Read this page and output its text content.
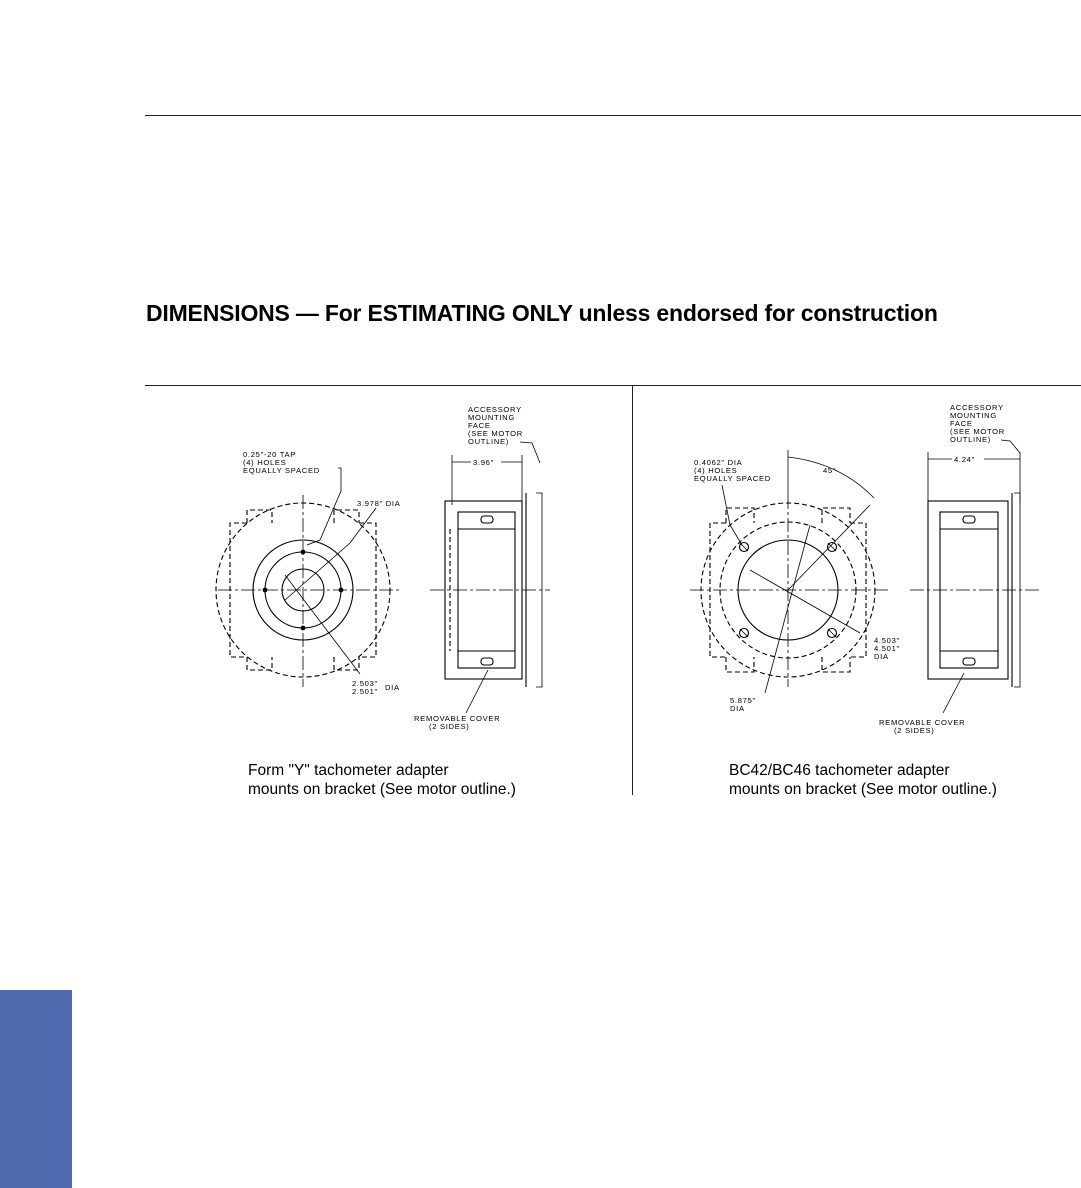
DIMENSIONS — For ESTIMATING ONLY unless endorsed for construction
ACCESSORY
MOUNTING
FACE
(SEE MOTOR
OUTLINE)
0.25"-20 TAP
(4) HOLES
EQUALLY SPACED
3.978" DIA
3.96"
2.503"
2.501" DIA
REMOVABLE COVER
(2 SIDES)
Form "Y" tachometer adapter
mounts on bracket (See motor outline.)
ACCESSORY
MOUNTING
FACE
(SEE MOTOR
OUTLINE)
0.4062" DIA
(4) HOLES
EQUALLY SPACED
45°
4.24"
4.503"
4.501"
DIA
5.875"
DIA
REMOVABLE COVER
(2 SIDES)
BC42/BC46 tachometer adapter
mounts on bracket (See motor outline.)
